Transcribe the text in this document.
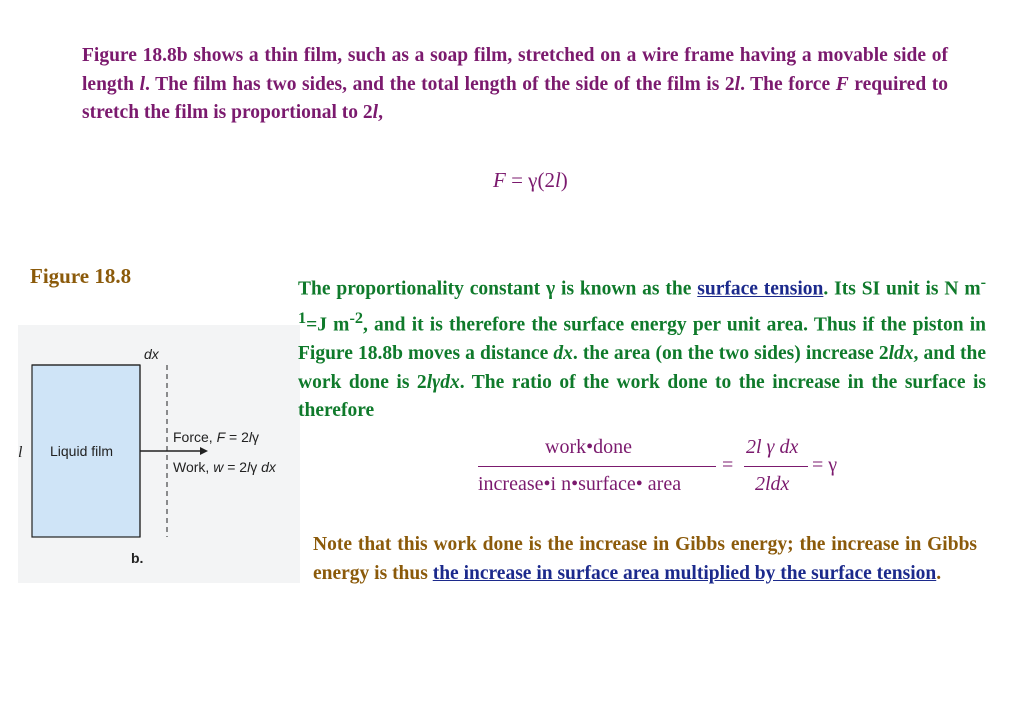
Figure 18.8b shows a thin film, such as a soap film, stretched on a wire frame having a movable side of length l. The film has two sides, and the total length of the side of the film is 2l. The force F required to stretch the film is proportional to 2l,

F = γ(2l)
Figure 18.8
dx
l Liquid film
Force, F = 2lγ
Work, w = 2lγ dx
b.

The proportionality constant γ is known as the surface tension. Its SI unit is N $m^{-1}=J$ $m^{-2}$, and it is therefore the surface energy per unit area. Thus if the piston in Figure 18.8b moves a distance dx. the area (on the two sides) increase 2ldx, and the work done is 2lγdx. The ratio of the work done to the increase in the surface is therefore

work•done
increase•i n•surface• area
=
2l γ dx
2ldx
= γ

Note that this work done is the increase in Gibbs energy; the increase in Gibbs energy is thus the increase in surface area multiplied by the surface tension.
